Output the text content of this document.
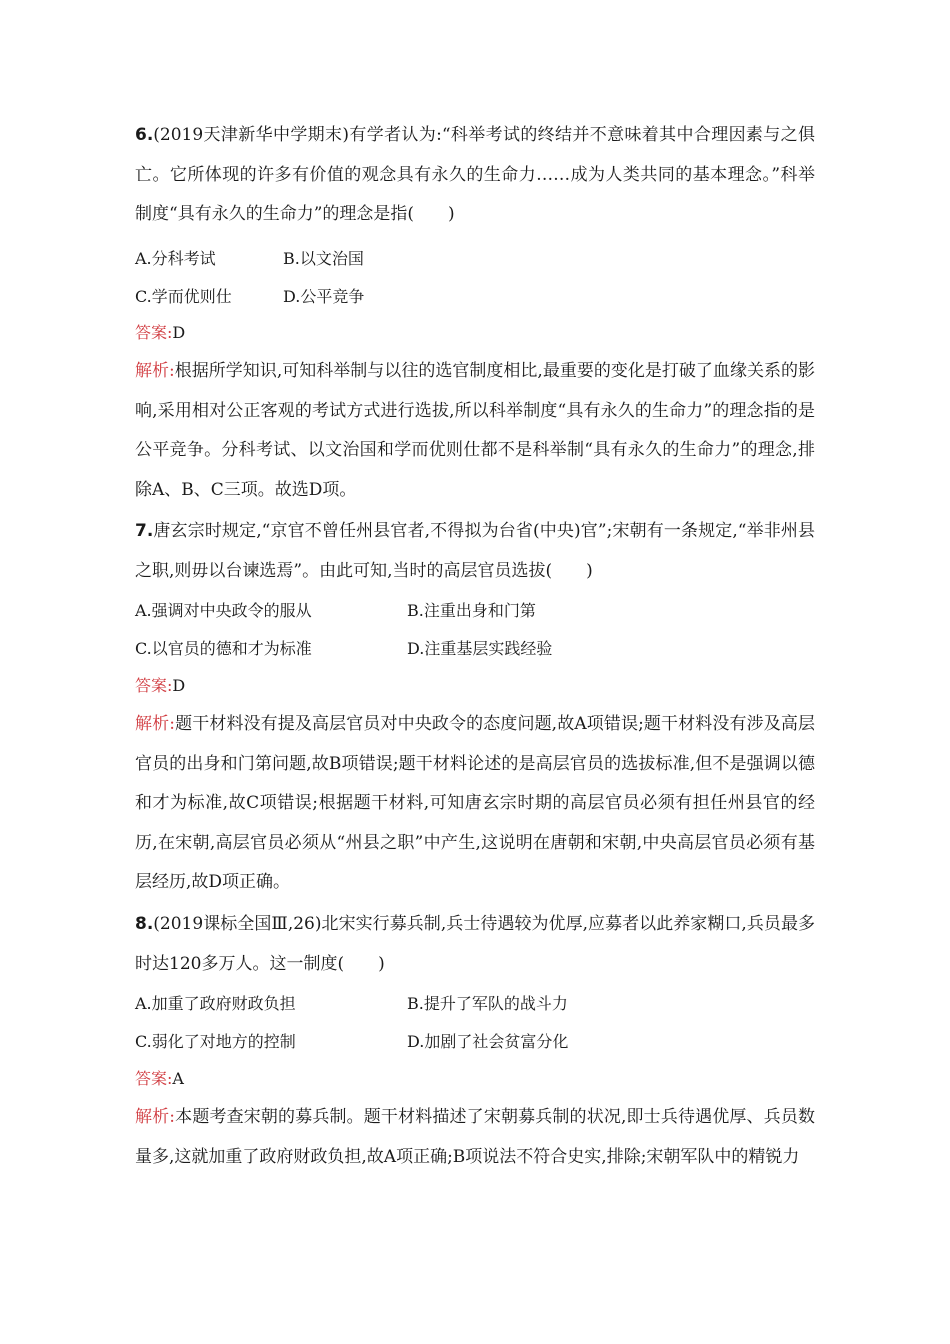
6.(2019天津新华中学期末)有学者认为:“科举考试的终结并不意味着其中合理因素与之俱亡。它所体现的许多有价值的观念具有永久的生命力……成为人类共同的基本理念。”科举制度“具有永久的生命力”的理念是指(　　)

A.分科考试	B.以文治国
C.学而优则仕	D.公平竞争

答案:D

解析:根据所学知识,可知科举制与以往的选官制度相比,最重要的变化是打破了血缘关系的影响,采用相对公正客观的考试方式进行选拔,所以科举制度“具有永久的生命力”的理念指的是公平竞争。分科考试、以文治国和学而优则仕都不是科举制“具有永久的生命力”的理念,排除A、B、C三项。故选D项。

7.唐玄宗时规定,“京官不曾任州县官者,不得拟为台省(中央)官”;宋朝有一条规定,“举非州县之职,则毋以台谏选焉”。由此可知,当时的高层官员选拔(　　)

A.强调对中央政令的服从	B.注重出身和门第
C.以官员的德和才为标准	D.注重基层实践经验

答案:D

解析:题干材料没有提及高层官员对中央政令的态度问题,故A项错误;题干材料没有涉及高层官员的出身和门第问题,故B项错误;题干材料论述的是高层官员的选拔标准,但不是强调以德和才为标准,故C项错误;根据题干材料,可知唐玄宗时期的高层官员必须有担任州县官的经历,在宋朝,高层官员必须从“州县之职”中产生,这说明在唐朝和宋朝,中央高层官员必须有基层经历,故D项正确。

8.(2019课标全国Ⅲ,26)北宋实行募兵制,兵士待遇较为优厚,应募者以此养家糊口,兵员最多时达120多万人。这一制度(　　)

A.加重了政府财政负担	B.提升了军队的战斗力
C.弱化了对地方的控制	D.加剧了社会贫富分化

答案:A

解析:本题考查宋朝的募兵制。题干材料描述了宋朝募兵制的状况,即士兵待遇优厚、兵员数量多,这就加重了政府财政负担,故A项正确;B项说法不符合史实,排除;宋朝军队中的精锐力
